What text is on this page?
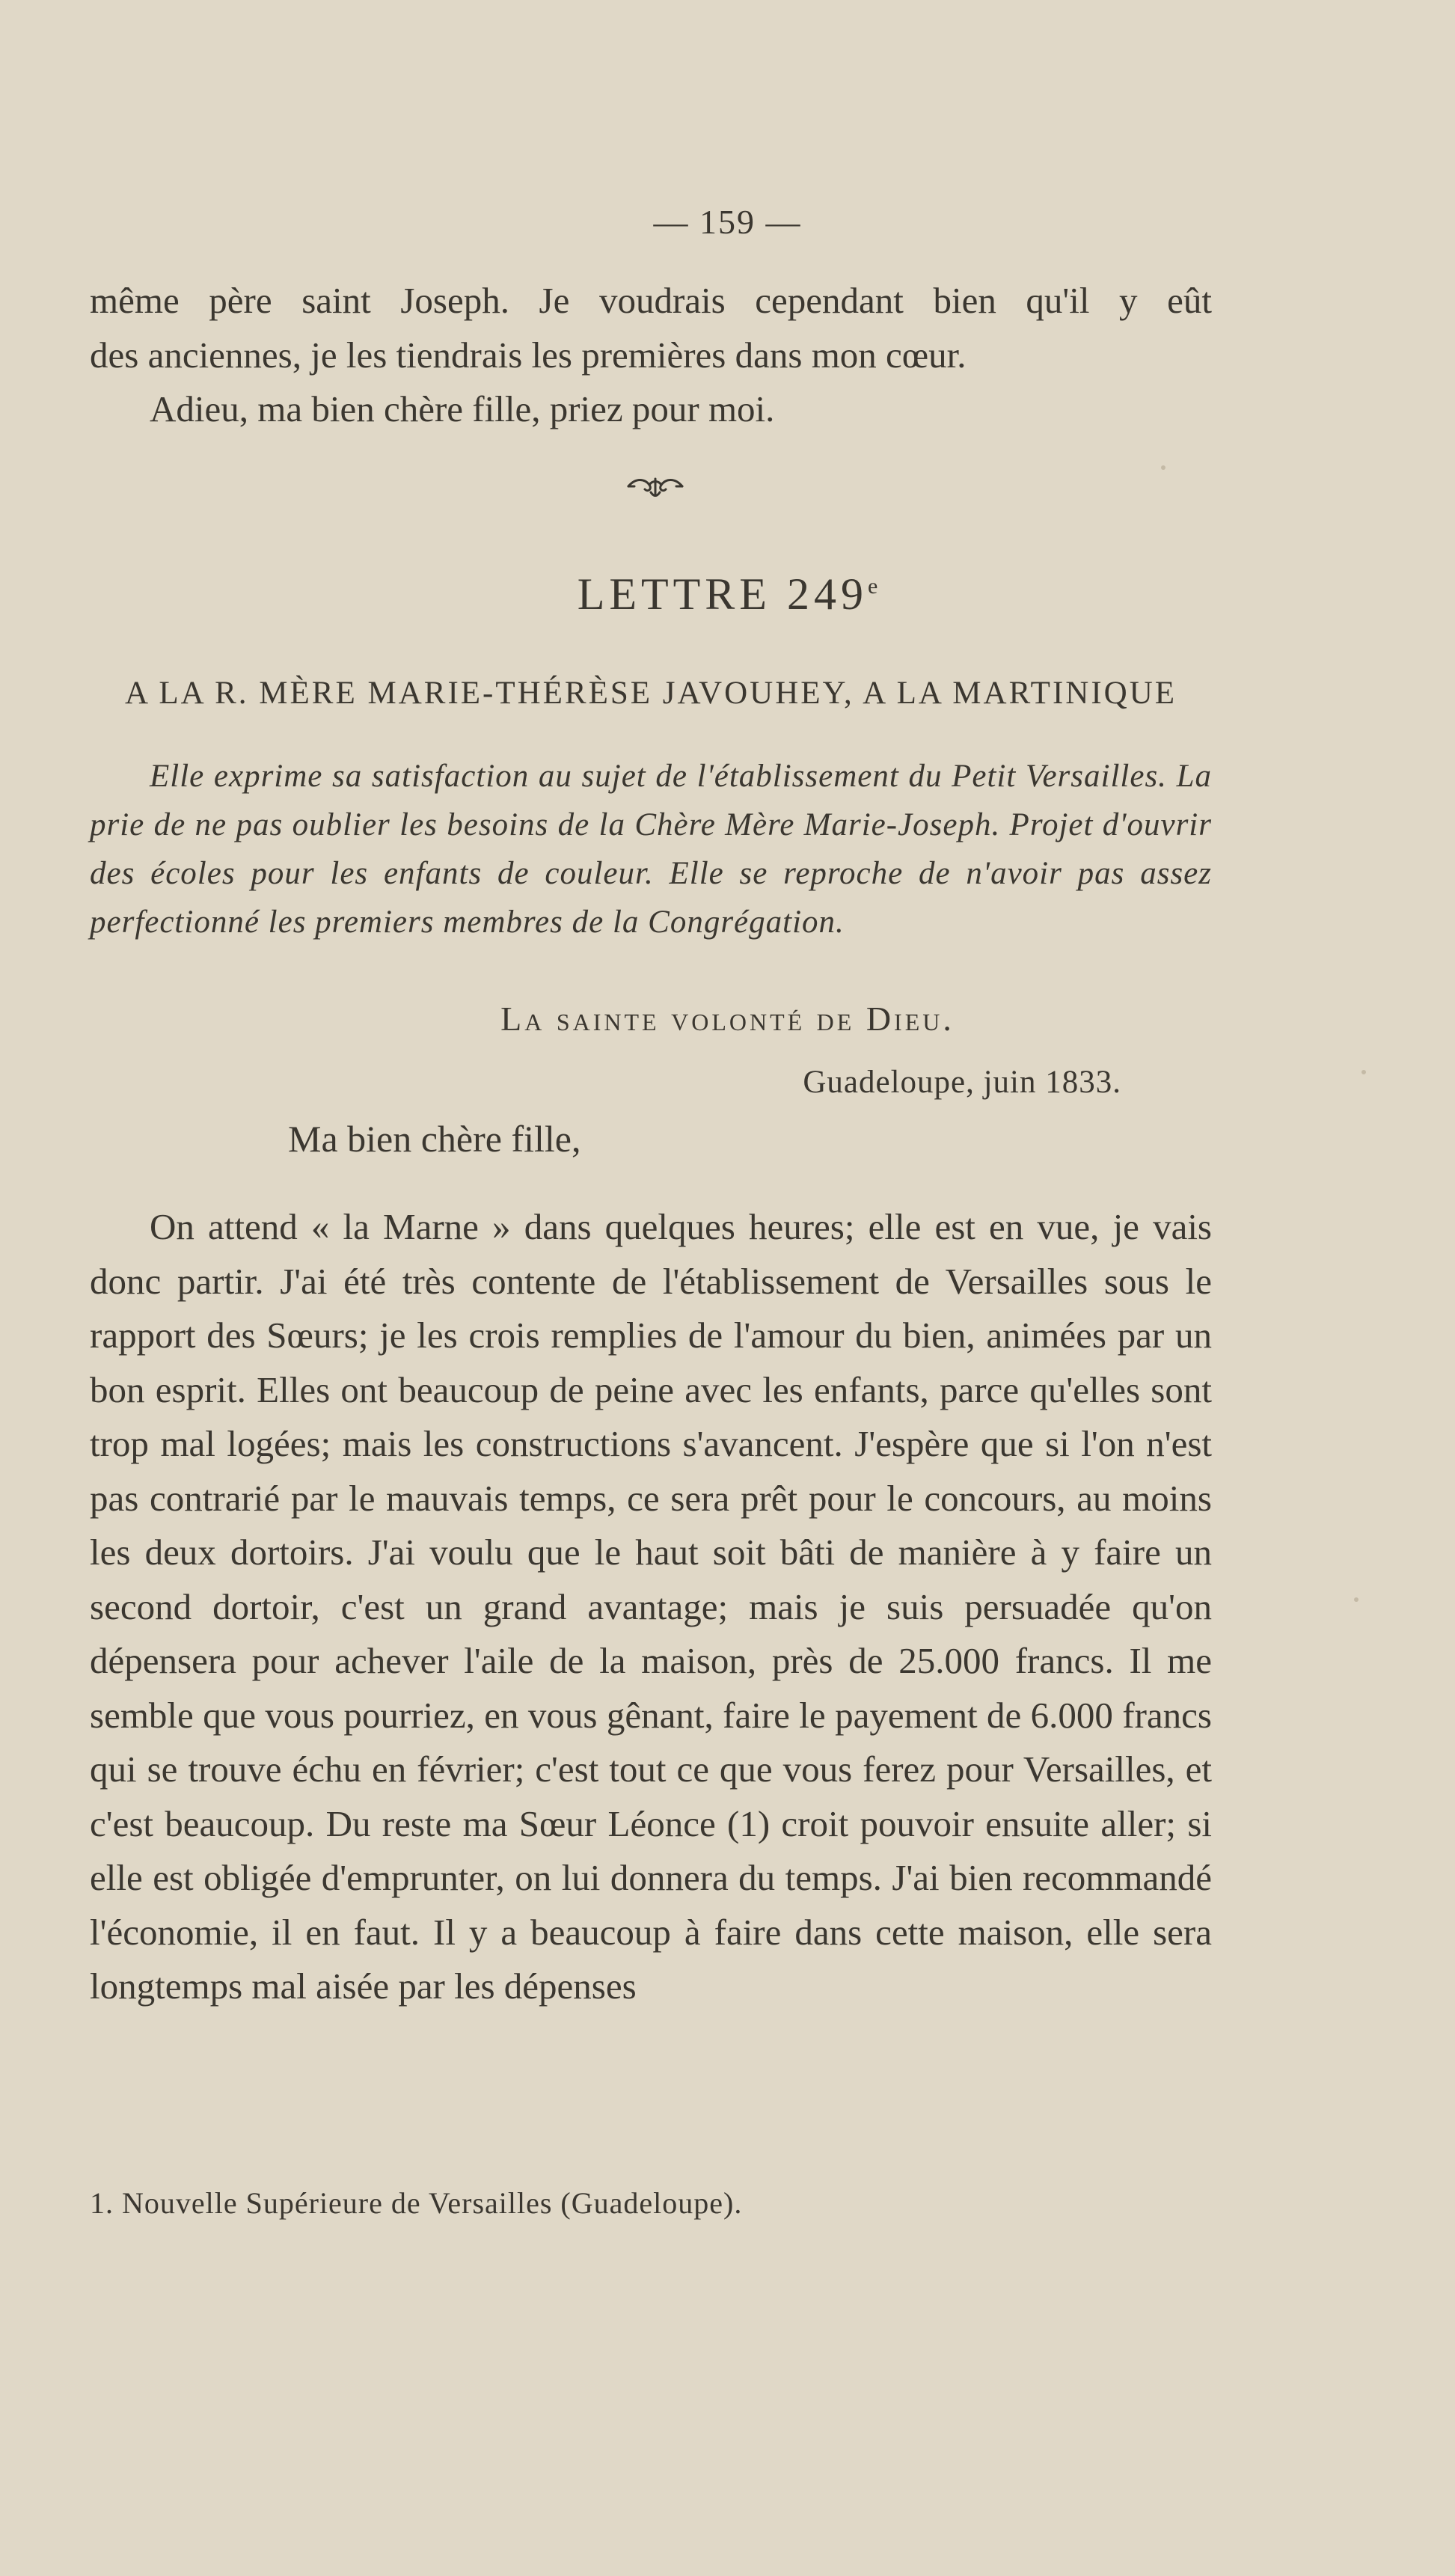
— 159 —

même père saint Joseph. Je voudrais cependant bien qu'il y eût

des anciennes, je les tiendrais les premières dans mon cœur.

Adieu, ma bien chère fille, priez pour moi.

LETTRE 249e
A LA R. MÈRE MARIE-THÉRÈSE JAVOUHEY, A LA MARTINIQUE
Elle exprime sa satisfaction au sujet de l'établissement du Petit Versailles. La prie de ne pas oublier les besoins de la Chère Mère Marie-Joseph. Projet d'ouvrir des écoles pour les enfants de couleur. Elle se reproche de n'avoir pas assez perfectionné les premiers membres de la Congrégation.
La sainte volonté de Dieu.
Guadeloupe, juin 1833.
Ma bien chère fille,

On attend « la Marne » dans quelques heures; elle est en vue, je vais donc partir. J'ai été très contente de l'établissement de Versailles sous le rapport des Sœurs; je les crois remplies de l'amour du bien, animées par un bon esprit. Elles ont beaucoup de peine avec les enfants, parce qu'elles sont trop mal logées; mais les constructions s'avancent. J'espère que si l'on n'est pas contrarié par le mauvais temps, ce sera prêt pour le concours, au moins les deux dortoirs. J'ai voulu que le haut soit bâti de manière à y faire un second dortoir, c'est un grand avantage; mais je suis persuadée qu'on dépensera pour achever l'aile de la maison, près de 25.000 francs. Il me semble que vous pourriez, en vous gênant, faire le payement de 6.000 francs qui se trouve échu en février; c'est tout ce que vous ferez pour Versailles, et c'est beaucoup. Du reste ma Sœur Léonce (1) croit pouvoir ensuite aller; si elle est obligée d'emprunter, on lui donnera du temps. J'ai bien recommandé l'économie, il en faut. Il y a beaucoup à faire dans cette maison, elle sera longtemps mal aisée par les dépenses

1. Nouvelle Supérieure de Versailles (Guadeloupe).
